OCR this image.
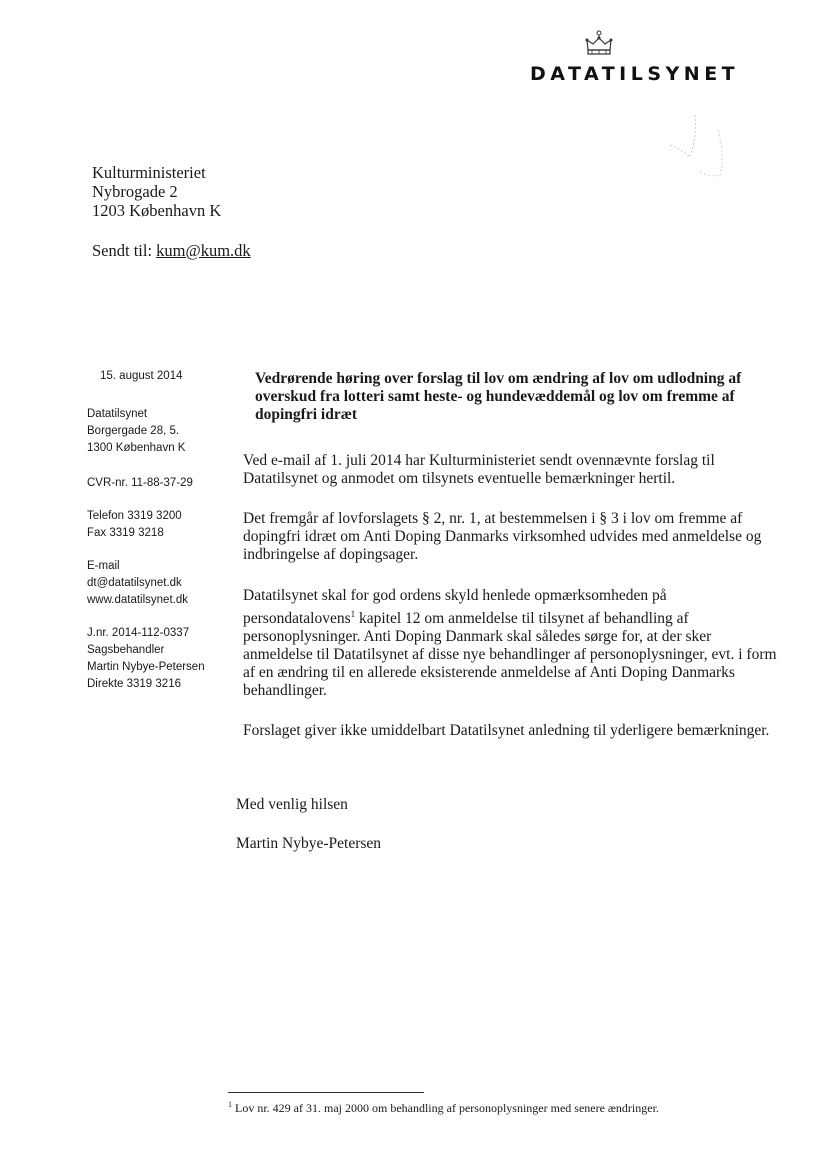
DATATILSYNET
Kulturministeriet
Nybrogade 2
1203 København K
Sendt til: kum@kum.dk
15. august 2014
Datatilsynet
Borgergade 28, 5.
1300 København K
CVR-nr. 11-88-37-29
Telefon 3319 3200
Fax 3319 3218
E-mail
dt@datatilsynet.dk
www.datatilsynet.dk
J.nr. 2014-112-0337
Sagsbehandler
Martin Nybye-Petersen
Direkte 3319 3216
Vedrørende høring over forslag til lov om ændring af lov om udlodning af overskud fra lotteri samt heste- og hundevæddemål og lov om fremme af dopingfri idræt
Ved e-mail af 1. juli 2014 har Kulturministeriet sendt ovennævnte forslag til Datatilsynet og anmodet om tilsynets eventuelle bemærkninger hertil.
Det fremgår af lovforslagets § 2, nr. 1, at bestemmelsen i § 3 i lov om fremme af dopingfri idræt om Anti Doping Danmarks virksomhed udvides med anmeldelse og indbringelse af dopingsager.
Datatilsynet skal for god ordens skyld henlede opmærksomheden på persondatalovens$^1$ kapitel 12 om anmeldelse til tilsynet af behandling af personoplysninger. Anti Doping Danmark skal således sørge for, at der sker anmeldelse til Datatilsynet af disse nye behandlinger af personoplysninger, evt. i form af en ændring til en allerede eksisterende anmeldelse af Anti Doping Danmarks behandlinger.
Forslaget giver ikke umiddelbart Datatilsynet anledning til yderligere bemærkninger.
Med venlig hilsen
Martin Nybye-Petersen
$^1$ Lov nr. 429 af 31. maj 2000 om behandling af personoplysninger med senere ændringer.
